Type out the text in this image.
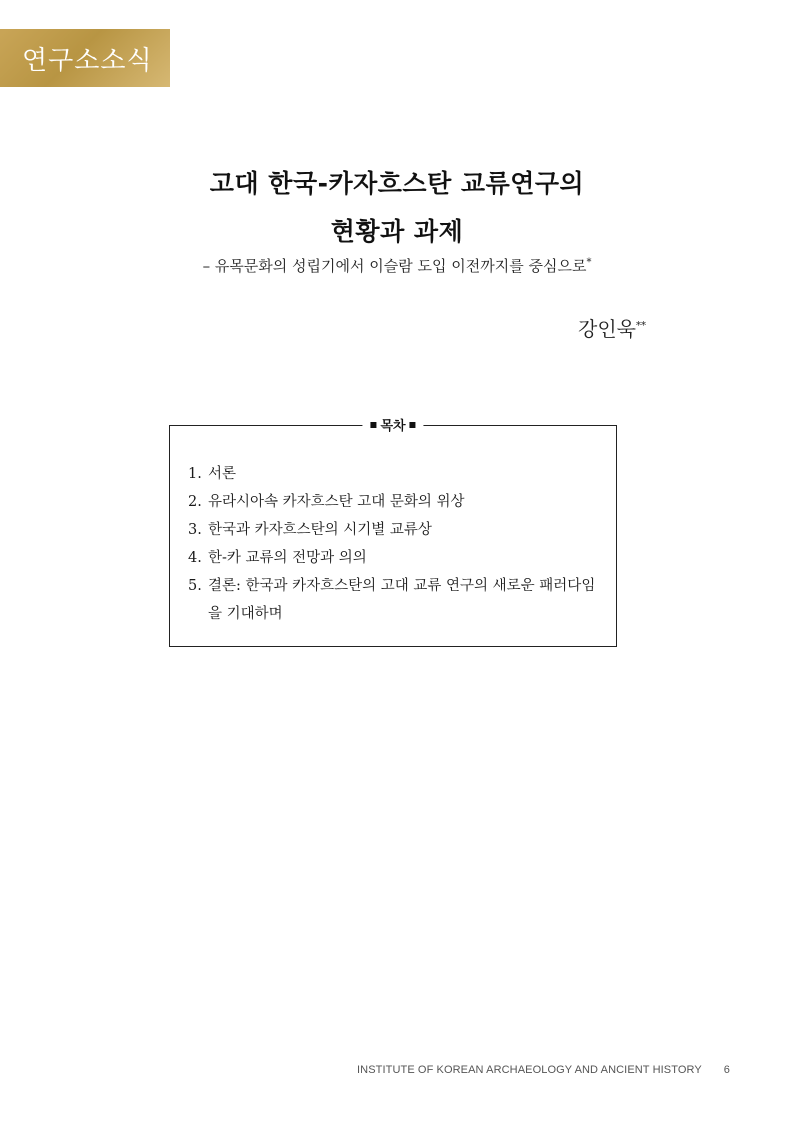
연구소소식
고대 한국-카자흐스탄 교류연구의
현황과 과제
– 유목문화의 성립기에서 이슬람 도입 이전까지를 중심으로*
강인욱**
목차
1. 서론
2. 유라시아속 카자흐스탄 고대 문화의 위상
3. 한국과 카자흐스탄의 시기별 교류상
4. 한-카 교류의 전망과 의의
5. 결론: 한국과 카자흐스탄의 고대 교류 연구의 새로운 패러다임을 기대하며
INSTITUTE OF KOREAN ARCHAEOLOGY AND ANCIENT HISTORY 6
